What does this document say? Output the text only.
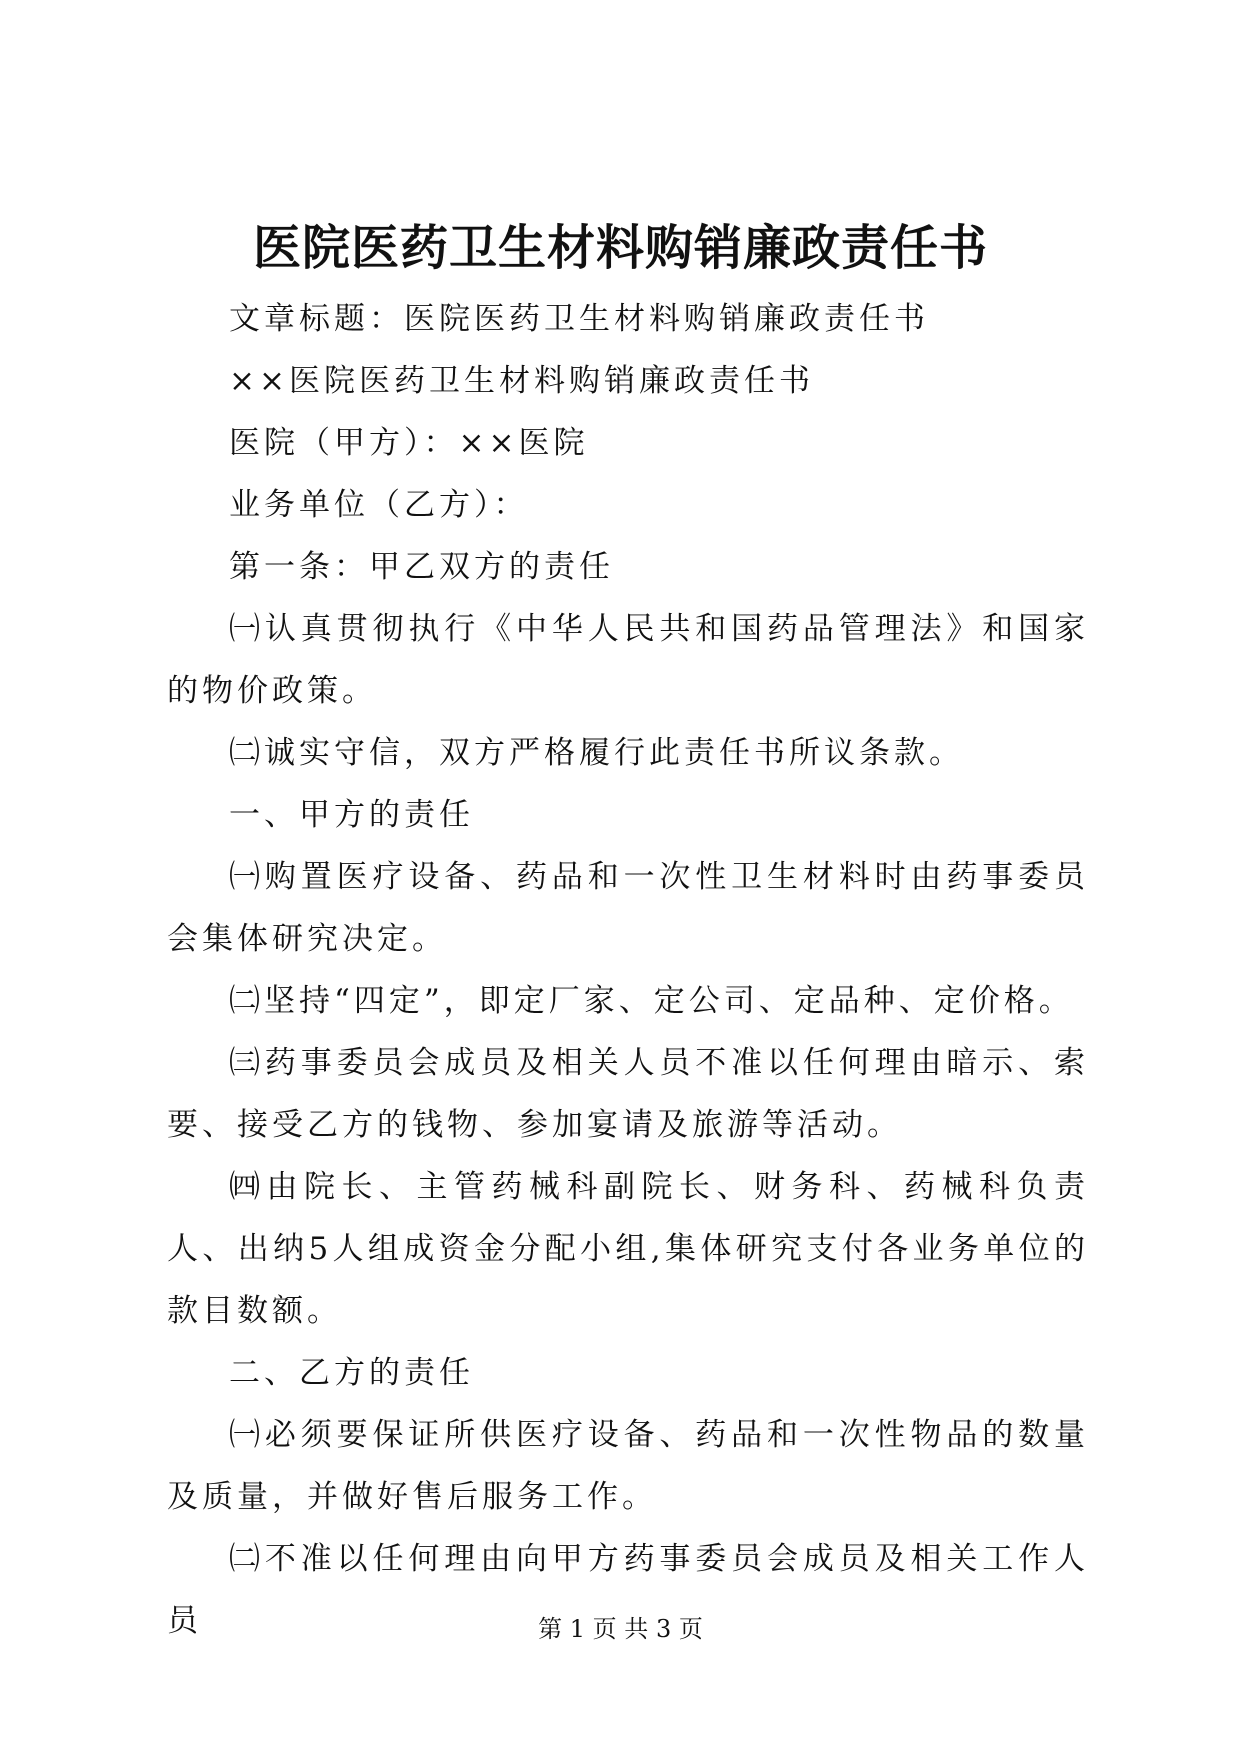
医院医药卫生材料购销廉政责任书

文章标题：医院医药卫生材料购销廉政责任书

××医院医药卫生材料购销廉政责任书

医院（甲方）：××医院

业务单位（乙方）：

第一条：甲乙双方的责任

㈠认真贯彻执行《中华人民共和国药品管理法》和国家的物价政策。

㈡诚实守信，双方严格履行此责任书所议条款。

一、甲方的责任

㈠购置医疗设备、药品和一次性卫生材料时由药事委员会集体研究决定。

㈡坚持“四定”，即定厂家、定公司、定品种、定价格。

㈢药事委员会成员及相关人员不准以任何理由暗示、索要、接受乙方的钱物、参加宴请及旅游等活动。

㈣由院长、主管药械科副院长、财务科、药械科负责人、出纳5人组成资金分配小组,集体研究支付各业务单位的款目数额。

二、乙方的责任

㈠必须要保证所供医疗设备、药品和一次性物品的数量及质量，并做好售后服务工作。

㈡不准以任何理由向甲方药事委员会成员及相关工作人员	第 1 页 共 3 页
